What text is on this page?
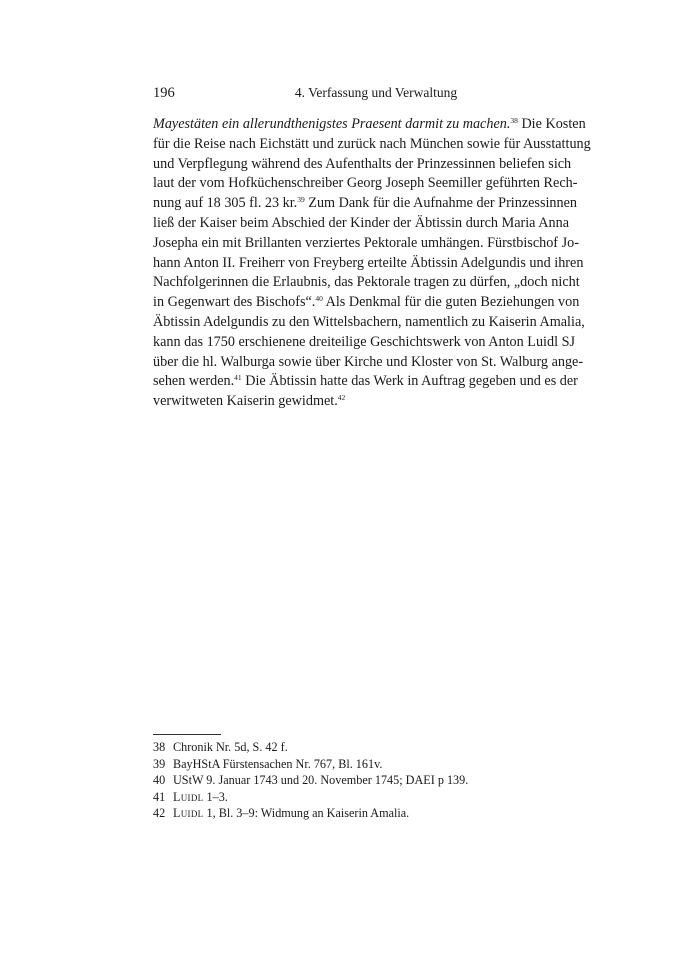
196	4. Verfassung und Verwaltung
Mayestäten ein allerundthenigstes Praesent darmit zu machen.$^{38}$ Die Kosten
für die Reise nach Eichstätt und zurück nach München sowie für Ausstattung
und Verpflegung während des Aufenthalts der Prinzessinnen beliefen sich
laut der vom Hofküchenschreiber Georg Joseph Seemiller geführten Rech-
nung auf 18 305 fl. 23 kr.$^{39}$ Zum Dank für die Aufnahme der Prinzessinnen
ließ der Kaiser beim Abschied der Kinder der Äbtissin durch Maria Anna
Josepha ein mit Brillanten verziertes Pektorale umhängen. Fürstbischof Jo-
hann Anton II. Freiherr von Freyberg erteilte Äbtissin Adelgundis und ihren
Nachfolgerinnen die Erlaubnis, das Pektorale tragen zu dürfen, „doch nicht
in Gegenwart des Bischofs“.$^{40}$ Als Denkmal für die guten Beziehungen von
Äbtissin Adelgundis zu den Wittelsbachern, namentlich zu Kaiserin Amalia,
kann das 1750 erschienene dreiteilige Geschichtswerk von Anton Luidl SJ
über die hl. Walburga sowie über Kirche und Kloster von St. Walburg ange-
sehen werden.$^{41}$ Die Äbtissin hatte das Werk in Auftrag gegeben und es der
verwitweten Kaiserin gewidmet.$^{42}$
38 Chronik Nr. 5d, S. 42 f.
39 BayHStA Fürstensachen Nr. 767, Bl. 161v.
40 UStW 9. Januar 1743 und 20. November 1745; DAEI p 139.
41 Luidl 1–3.
42 Luidl 1, Bl. 3–9: Widmung an Kaiserin Amalia.
